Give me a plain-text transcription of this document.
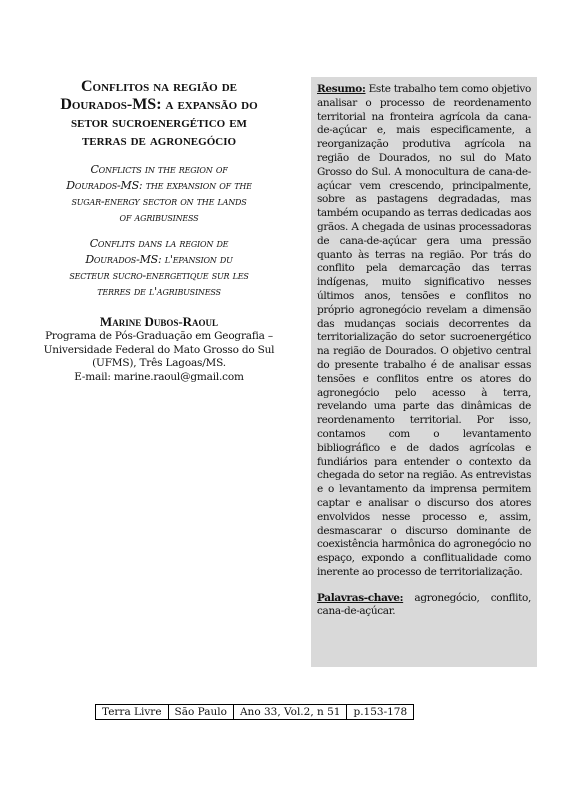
Conflitos na região de
Dourados-MS: a expansão do
setor sucroenergético em
terras de agronegócio
Conflicts in the region of
Dourados-MS: the expansion of the
sugar-energy sector on the lands
of agribusiness
Conflits dans la region de
Dourados-MS: l'epansion du
secteur sucro-energetique sur les
terres de l'agribusiness
Marine Dubos-Raoul
Programa de Pós-Graduação em Geografia –
Universidade Federal do Mato Grosso do Sul
(UFMS), Três Lagoas/MS.
E-mail: marine.raoul@gmail.com
Resumo: Este trabalho tem como objetivo analisar o processo de reordenamento territorial na fronteira agrícola da cana-de-açúcar e, mais especificamente, a reorganização produtiva agrícola na região de Dourados, no sul do Mato Grosso do Sul. A monocultura de cana-de-açúcar vem crescendo, principalmente, sobre as pastagens degradadas, mas também ocupando as terras dedicadas aos grãos. A chegada de usinas processadoras de cana-de-açúcar gera uma pressão quanto às terras na região. Por trás do conflito pela demarcação das terras indígenas, muito significativo nesses últimos anos, tensões e conflitos no próprio agronegócio revelam a dimensão das mudanças sociais decorrentes da territorialização do setor sucroenergético na região de Dourados. O objetivo central do presente trabalho é de analisar essas tensões e conflitos entre os atores do agronegócio pelo acesso à terra, revelando uma parte das dinâmicas de reordenamento territorial. Por isso, contamos com o levantamento bibliográfico e de dados agrícolas e fundiários para entender o contexto da chegada do setor na região. As entrevistas e o levantamento da imprensa permitem captar e analisar o discurso dos atores envolvidos nesse processo e, assim, desmascarar o discurso dominante de coexistência harmônica do agronegócio no espaço, expondo a conflitualidade como inerente ao processo de territorialização.
Palavras-chave: agronegócio, conflito, cana-de-açúcar.
Terra Livre	São Paulo	Ano 33, Vol.2, n 51	p.153-178
